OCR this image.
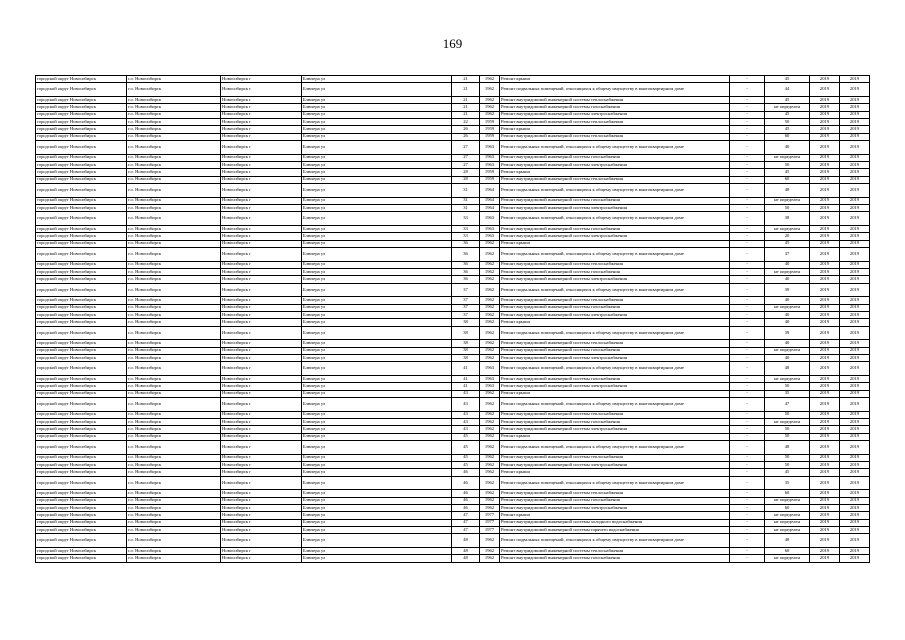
169
городской округ Новосибирск	г.о. Новосибирск	Новосибирск г	Блюхера ул	21	1962	Ремонт крыши	-	45	2019	2019
городской округ Новосибирск	г.о. Новосибирск	Новосибирск г	Блюхера ул	21	1962	Ремонт подвальных помещений, относящихся к общему имуществу в многоквартирном доме	-	44	2019	2019
городской округ Новосибирск	г.о. Новосибирск	Новосибирск г	Блюхера ул	21	1962	Ремонт внутридомовой инженерной системы теплоснабжения	-	45	2019	2019
городской округ Новосибирск	г.о. Новосибирск	Новосибирск г	Блюхера ул	21	1962	Ремонт внутридомовой инженерной системы газоснабжения	-	не определен	2019	2019
городской округ Новосибирск	г.о. Новосибирск	Новосибирск г	Блюхера ул	21	1962	Ремонт внутридомовой инженерной системы электроснабжения	-	45	2019	2019
городской округ Новосибирск	г.о. Новосибирск	Новосибирск г	Блюхера ул	22	1959	Ремонт внутридомовой инженерной системы теплоснабжения	-	50	2019	2019
городской округ Новосибирск	г.о. Новосибирск	Новосибирск г	Блюхера ул	26	1959	Ремонт крыши	-	45	2019	2019
городской округ Новосибирск	г.о. Новосибирск	Новосибирск г	Блюхера ул	26	1959	Ремонт внутридомовой инженерной системы теплоснабжения	-	60	2019	2019
городской округ Новосибирск	г.о. Новосибирск	Новосибирск г	Блюхера ул	27	1963	Ремонт подвальных помещений, относящихся к общему имуществу в многоквартирном доме	-	40	2019	2019
городской округ Новосибирск	г.о. Новосибирск	Новосибирск г	Блюхера ул	27	1963	Ремонт внутридомовой инженерной системы газоснабжения	-	не определен	2019	2019
городской округ Новосибирск	г.о. Новосибирск	Новосибирск г	Блюхера ул	27	1963	Ремонт внутридомовой инженерной системы электроснабжения	-	50	2019	2019
городской округ Новосибирск	г.о. Новосибирск	Новосибирск г	Блюхера ул	28	1959	Ремонт крыши	-	45	2019	2019
городской округ Новосибирск	г.о. Новосибирск	Новосибирск г	Блюхера ул	28	1959	Ремонт внутридомовой инженерной системы теплоснабжения	-	60	2019	2019
городской округ Новосибирск	г.о. Новосибирск	Новосибирск г	Блюхера ул	31	1964	Ремонт подвальных помещений, относящихся к общему имуществу в многоквартирном доме	-	48	2019	2019
городской округ Новосибирск	г.о. Новосибирск	Новосибирск г	Блюхера ул	31	1964	Ремонт внутридомовой инженерной системы газоснабжения	-	не определен	2019	2019
городской округ Новосибирск	г.о. Новосибирск	Новосибирск г	Блюхера ул	31	1964	Ремонт внутридомовой инженерной системы электроснабжения	-	50	2019	2019
городской округ Новосибирск	г.о. Новосибирск	Новосибирск г	Блюхера ул	33	1963	Ремонт подвальных помещений, относящихся к общему имуществу в многоквартирном доме	-	38	2019	2019
городской округ Новосибирск	г.о. Новосибирск	Новосибирск г	Блюхера ул	33	1963	Ремонт внутридомовой инженерной системы газоснабжения	-	не определен	2019	2019
городской округ Новосибирск	г.о. Новосибирск	Новосибирск г	Блюхера ул	33	1963	Ремонт внутридомовой инженерной системы электроснабжения	-	20	2019	2019
городской округ Новосибирск	г.о. Новосибирск	Новосибирск г	Блюхера ул	36	1962	Ремонт крыши	-	45	2019	2019
городской округ Новосибирск	г.о. Новосибирск	Новосибирск г	Блюхера ул	36	1962	Ремонт подвальных помещений, относящихся к общему имуществу в многоквартирном доме	-	37	2019	2019
городской округ Новосибирск	г.о. Новосибирск	Новосибирск г	Блюхера ул	36	1962	Ремонт внутридомовой инженерной системы теплоснабжения	-	40	2019	2019
городской округ Новосибирск	г.о. Новосибирск	Новосибирск г	Блюхера ул	36	1962	Ремонт внутридомовой инженерной системы газоснабжения	-	не определен	2019	2019
городской округ Новосибирск	г.о. Новосибирск	Новосибирск г	Блюхера ул	36	1962	Ремонт внутридомовой инженерной системы электроснабжения	-	40	2019	2019
городской округ Новосибирск	г.о. Новосибирск	Новосибирск г	Блюхера ул	37	1962	Ремонт подвальных помещений, относящихся к общему имуществу в многоквартирном доме	-	39	2019	2019
городской округ Новосибирск	г.о. Новосибирск	Новосибирск г	Блюхера ул	37	1962	Ремонт внутридомовой инженерной системы теплоснабжения	-	40	2019	2019
городской округ Новосибирск	г.о. Новосибирск	Новосибирск г	Блюхера ул	37	1962	Ремонт внутридомовой инженерной системы газоснабжения	-	не определен	2019	2019
городской округ Новосибирск	г.о. Новосибирск	Новосибирск г	Блюхера ул	37	1962	Ремонт внутридомовой инженерной системы электроснабжения	-	40	2019	2019
городской округ Новосибирск	г.о. Новосибирск	Новосибирск г	Блюхера ул	38	1962	Ремонт крыши	-	40	2019	2019
городской округ Новосибирск	г.о. Новосибирск	Новосибирск г	Блюхера ул	38	1962	Ремонт подвальных помещений, относящихся к общему имуществу в многоквартирном доме	-	39	2019	2019
городской округ Новосибирск	г.о. Новосибирск	Новосибирск г	Блюхера ул	38	1962	Ремонт внутридомовой инженерной системы теплоснабжения	-	40	2019	2019
городской округ Новосибирск	г.о. Новосибирск	Новосибирск г	Блюхера ул	38	1962	Ремонт внутридомовой инженерной системы газоснабжения	-	не определен	2019	2019
городской округ Новосибирск	г.о. Новосибирск	Новосибирск г	Блюхера ул	38	1962	Ремонт внутридомовой инженерной системы электроснабжения	-	40	2019	2019
городской округ Новосибирск	г.о. Новосибирск	Новосибирск г	Блюхера ул	41	1963	Ремонт подвальных помещений, относящихся к общему имуществу в многоквартирном доме	-	48	2019	2019
городской округ Новосибирск	г.о. Новосибирск	Новосибирск г	Блюхера ул	41	1963	Ремонт внутридомовой инженерной системы газоснабжения	-	не определен	2019	2019
городской округ Новосибирск	г.о. Новосибирск	Новосибирск г	Блюхера ул	41	1963	Ремонт внутридомовой инженерной системы электроснабжения	-	50	2019	2019
городской округ Новосибирск	г.о. Новосибирск	Новосибирск г	Блюхера ул	43	1962	Ремонт крыши	-	35	2019	2019
городской округ Новосибирск	г.о. Новосибирск	Новосибирск г	Блюхера ул	43	1962	Ремонт подвальных помещений, относящихся к общему имуществу в многоквартирном доме	-	47	2019	2019
городской округ Новосибирск	г.о. Новосибирск	Новосибирск г	Блюхера ул	43	1962	Ремонт внутридомовой инженерной системы теплоснабжения	-	50	2019	2019
городской округ Новосибирск	г.о. Новосибирск	Новосибирск г	Блюхера ул	43	1962	Ремонт внутридомовой инженерной системы газоснабжения	-	не определен	2019	2019
городской округ Новосибирск	г.о. Новосибирск	Новосибирск г	Блюхера ул	43	1962	Ремонт внутридомовой инженерной системы электроснабжения	-	50	2019	2019
городской округ Новосибирск	г.о. Новосибирск	Новосибирск г	Блюхера ул	45	1962	Ремонт крыши	-	50	2019	2019
городской округ Новосибирск	г.о. Новосибирск	Новосибирск г	Блюхера ул	45	1962	Ремонт подвальных помещений, относящихся к общему имуществу в многоквартирном доме	-	48	2019	2019
городской округ Новосибирск	г.о. Новосибирск	Новосибирск г	Блюхера ул	45	1962	Ремонт внутридомовой инженерной системы теплоснабжения	-	50	2019	2019
городской округ Новосибирск	г.о. Новосибирск	Новосибирск г	Блюхера ул	45	1962	Ремонт внутридомовой инженерной системы электроснабжения	-	50	2019	2019
городской округ Новосибирск	г.о. Новосибирск	Новосибирск г	Блюхера ул	46	1962	Ремонт крыши	-	45	2019	2019
городской округ Новосибирск	г.о. Новосибирск	Новосибирск г	Блюхера ул	46	1962	Ремонт подвальных помещений, относящихся к общему имуществу в многоквартирном доме	-	35	2019	2019
городской округ Новосибирск	г.о. Новосибирск	Новосибирск г	Блюхера ул	46	1962	Ремонт внутридомовой инженерной системы теплоснабжения	-	60	2019	2019
городской округ Новосибирск	г.о. Новосибирск	Новосибирск г	Блюхера ул	46	1962	Ремонт внутридомовой инженерной системы газоснабжения	-	не определен	2019	2019
городской округ Новосибирск	г.о. Новосибирск	Новосибирск г	Блюхера ул	46	1962	Ремонт внутридомовой инженерной системы электроснабжения	-	60	2019	2019
городской округ Новосибирск	г.о. Новосибирск	Новосибирск г	Блюхера ул	47	1977	Ремонт крыши	-	не определен	2019	2019
городской округ Новосибирск	г.о. Новосибирск	Новосибирск г	Блюхера ул	47	1977	Ремонт внутридомовой инженерной системы холодного водоснабжения	-	не определен	2019	2019
городской округ Новосибирск	г.о. Новосибирск	Новосибирск г	Блюхера ул	47	1977	Ремонт внутридомовой инженерной системы горячего водоснабжения	-	не определен	2019	2019
городской округ Новосибирск	г.о. Новосибирск	Новосибирск г	Блюхера ул	48	1962	Ремонт подвальных помещений, относящихся к общему имуществу в многоквартирном доме	-	48	2019	2019
городской округ Новосибирск	г.о. Новосибирск	Новосибирск г	Блюхера ул	48	1962	Ремонт внутридомовой инженерной системы теплоснабжения	-	60	2019	2019
городской округ Новосибирск	г.о. Новосибирск	Новосибирск г	Блюхера ул	48	1962	Ремонт внутридомовой инженерной системы газоснабжения	-	не определен	2019	2019
